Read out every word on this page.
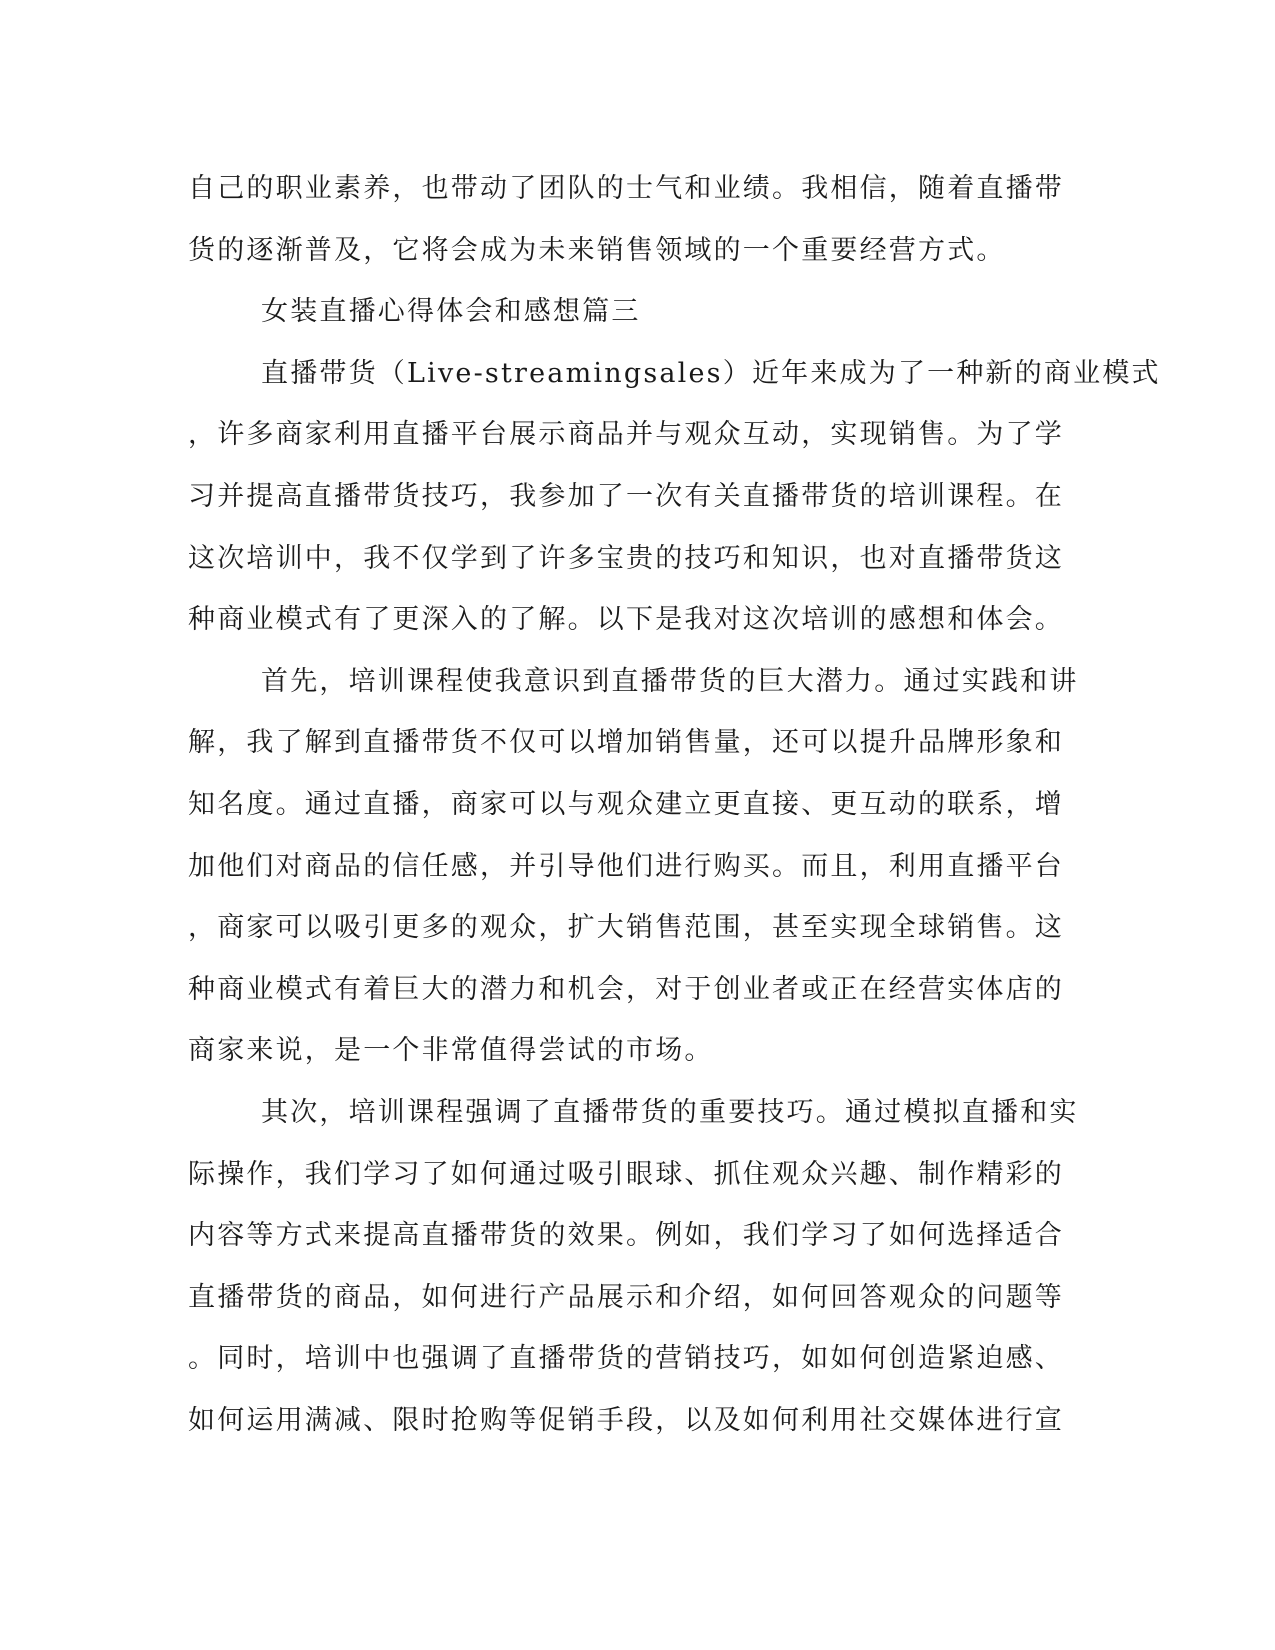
自己的职业素养，也带动了团队的士气和业绩。我相信，随着直播带
货的逐渐普及，它将会成为未来销售领域的一个重要经营方式。
女装直播心得体会和感想篇三
直播带货（Live-streamingsales）近年来成为了一种新的商业模式
，许多商家利用直播平台展示商品并与观众互动，实现销售。为了学
习并提高直播带货技巧，我参加了一次有关直播带货的培训课程。在
这次培训中，我不仅学到了许多宝贵的技巧和知识，也对直播带货这
种商业模式有了更深入的了解。以下是我对这次培训的感想和体会。
首先，培训课程使我意识到直播带货的巨大潜力。通过实践和讲
解，我了解到直播带货不仅可以增加销售量，还可以提升品牌形象和
知名度。通过直播，商家可以与观众建立更直接、更互动的联系，增
加他们对商品的信任感，并引导他们进行购买。而且，利用直播平台
，商家可以吸引更多的观众，扩大销售范围，甚至实现全球销售。这
种商业模式有着巨大的潜力和机会，对于创业者或正在经营实体店的
商家来说，是一个非常值得尝试的市场。
其次，培训课程强调了直播带货的重要技巧。通过模拟直播和实
际操作，我们学习了如何通过吸引眼球、抓住观众兴趣、制作精彩的
内容等方式来提高直播带货的效果。例如，我们学习了如何选择适合
直播带货的商品，如何进行产品展示和介绍，如何回答观众的问题等
。同时，培训中也强调了直播带货的营销技巧，如如何创造紧迫感、
如何运用满减、限时抢购等促销手段，以及如何利用社交媒体进行宣
